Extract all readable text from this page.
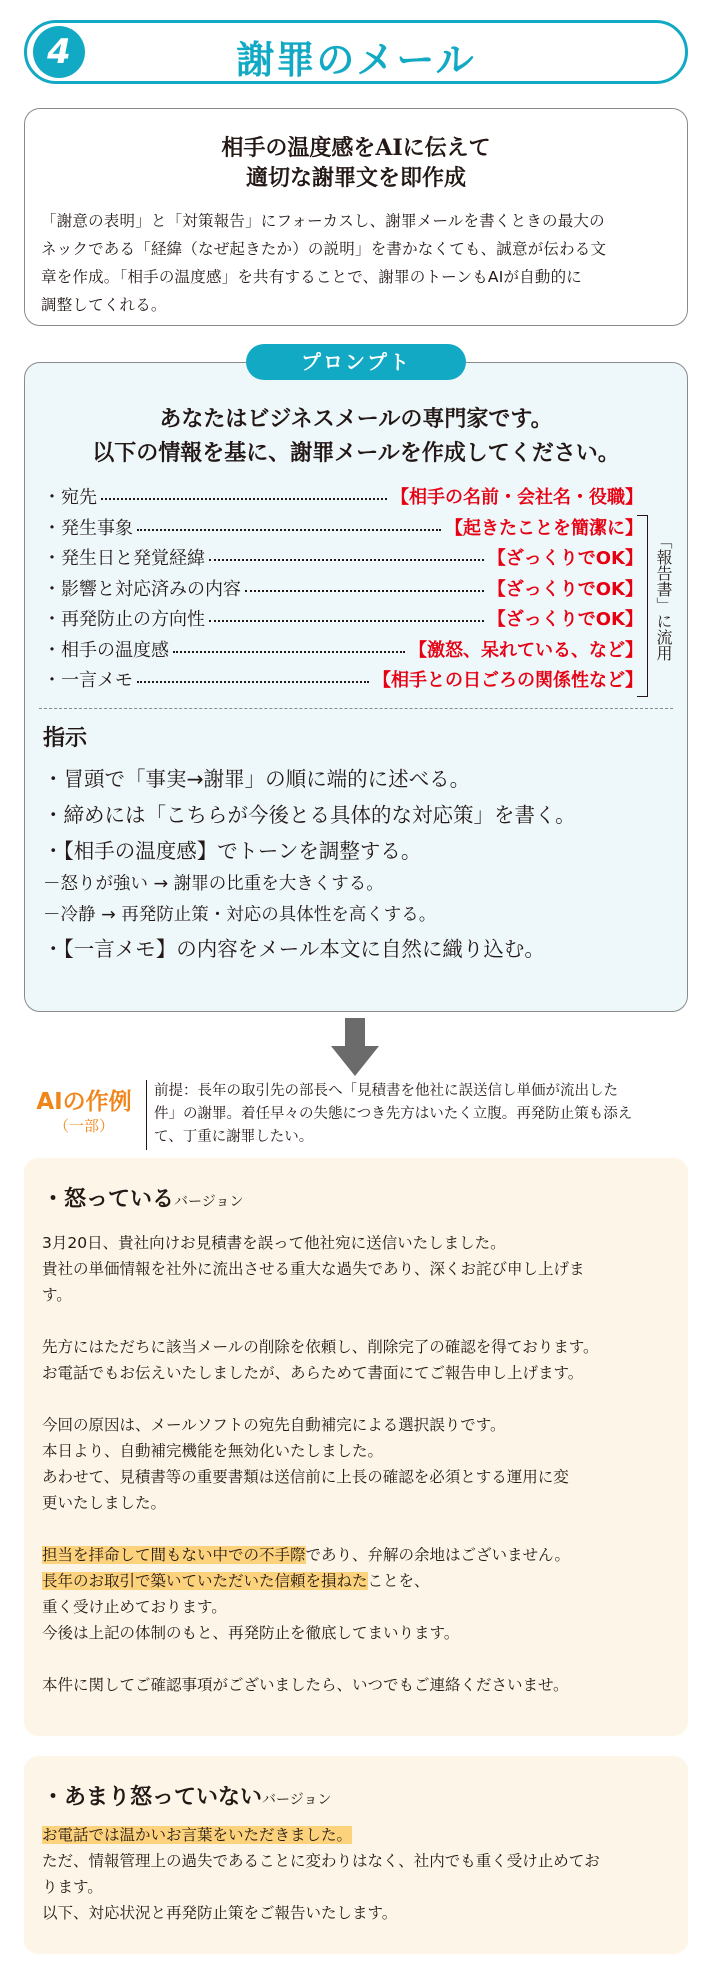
4	謝罪のメール
相手の温度感をAIに伝えて
適切な謝罪文を即作成
「謝意の表明」と「対策報告」にフォーカスし、謝罪メールを書くときの最大の
ネックである「経緯（なぜ起きたか）の説明」を書かなくても、誠意が伝わる文
章を作成。「相手の温度感」を共有することで、謝罪のトーンもAIが自動的に
調整してくれる。
あなたはビジネスメールの専門家です。
以下の情報を基に、謝罪メールを作成してください。
・宛先	【相手の名前・会社名・役職】
・発生事象	【起きたことを簡潔に】
・発生日と発覚経緯	【ざっくりでOK】
・影響と対応済みの内容	【ざっくりでOK】
・再発防止の方向性	【ざっくりでOK】
・相手の温度感	【激怒、呆れている、など】
・一言メモ	【相手との日ごろの関係性など】
「報告書」に流用
指示
・冒頭で「事実→謝罪」の順に端的に述べる。
・締めには「こちらが今後とる具体的な対応策」を書く。
・【相手の温度感】でトーンを調整する。
－怒りが強い → 謝罪の比重を大きくする。
－冷静 → 再発防止策・対応の具体性を高くする。
・【一言メモ】の内容をメール本文に自然に織り込む。
プロンプト
AIの作例
（一部）
前提：長年の取引先の部長へ「見積書を他社に誤送信し単価が流出した
件」の謝罪。着任早々の失態につき先方はいたく立腹。再発防止策も添え
て、丁重に謝罪したい。
・怒っているバージョン
3月20日、貴社向けお見積書を誤って他社宛に送信いたしました。
貴社の単価情報を社外に流出させる重大な過失であり、深くお詫び申し上げま
す。
先方にはただちに該当メールの削除を依頼し、削除完了の確認を得ております。
お電話でもお伝えいたしましたが、あらためて書面にてご報告申し上げます。
今回の原因は、メールソフトの宛先自動補完による選択誤りです。
本日より、自動補完機能を無効化いたしました。
あわせて、見積書等の重要書類は送信前に上長の確認を必須とする運用に変
更いたしました。
担当を拝命して間もない中での不手際であり、弁解の余地はございません。
長年のお取引で築いていただいた信頼を損ねたことを、
重く受け止めております。
今後は上記の体制のもと、再発防止を徹底してまいります。
本件に関してご確認事項がございましたら、いつでもご連絡くださいませ。
・あまり怒っていないバージョン
お電話では温かいお言葉をいただきました。
ただ、情報管理上の過失であることに変わりはなく、社内でも重く受け止めてお
ります。
以下、対応状況と再発防止策をご報告いたします。
